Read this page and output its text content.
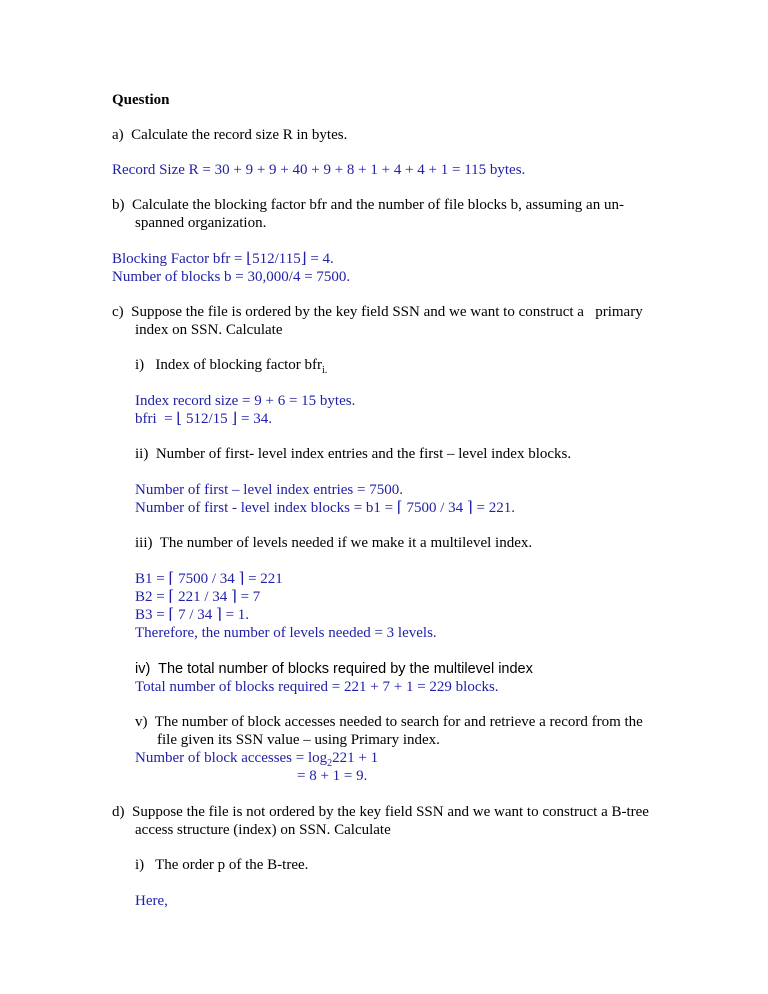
Question
a)  Calculate the record size R in bytes.
Record Size R = 30 + 9 + 9 + 40 + 9 + 8 + 1 + 4 + 4 + 1 = 115 bytes.
b)  Calculate the blocking factor bfr and the number of file blocks b, assuming an un-
spanned organization.
Blocking Factor bfr = ⌊512/115⌋ = 4.
Number of blocks b = 30,000/4 = 7500.
c)  Suppose the file is ordered by the key field SSN and we want to construct a   primary
index on SSN. Calculate
i)   Index of blocking factor bfr$_{i.}$
Index record size = 9 + 6 = 15 bytes.
bfri  = ⌊ 512/15 ⌋ = 34.
ii)  Number of first- level index entries and the first – level index blocks.
Number of first – level index entries = 7500.
Number of first - level index blocks = b1 = ⌈ 7500 / 34 ⌉ = 221.
iii)  The number of levels needed if we make it a multilevel index.
B1 = ⌈ 7500 / 34 ⌉ = 221
B2 = ⌈ 221 / 34 ⌉ = 7
B3 = ⌈ 7 / 34 ⌉ = 1.
Therefore, the number of levels needed = 3 levels.
iv)  The total number of blocks required by the multilevel index
Total number of blocks required = 221 + 7 + 1 = 229 blocks.
v)  The number of block accesses needed to search for and retrieve a record from the
file given its SSN value – using Primary index.
Number of block accesses = $\log_2221 + 1$
= 8 + 1 = 9.
d)  Suppose the file is not ordered by the key field SSN and we want to construct a B-tree
access structure (index) on SSN. Calculate
i)   The order p of the B-tree.
Here,
